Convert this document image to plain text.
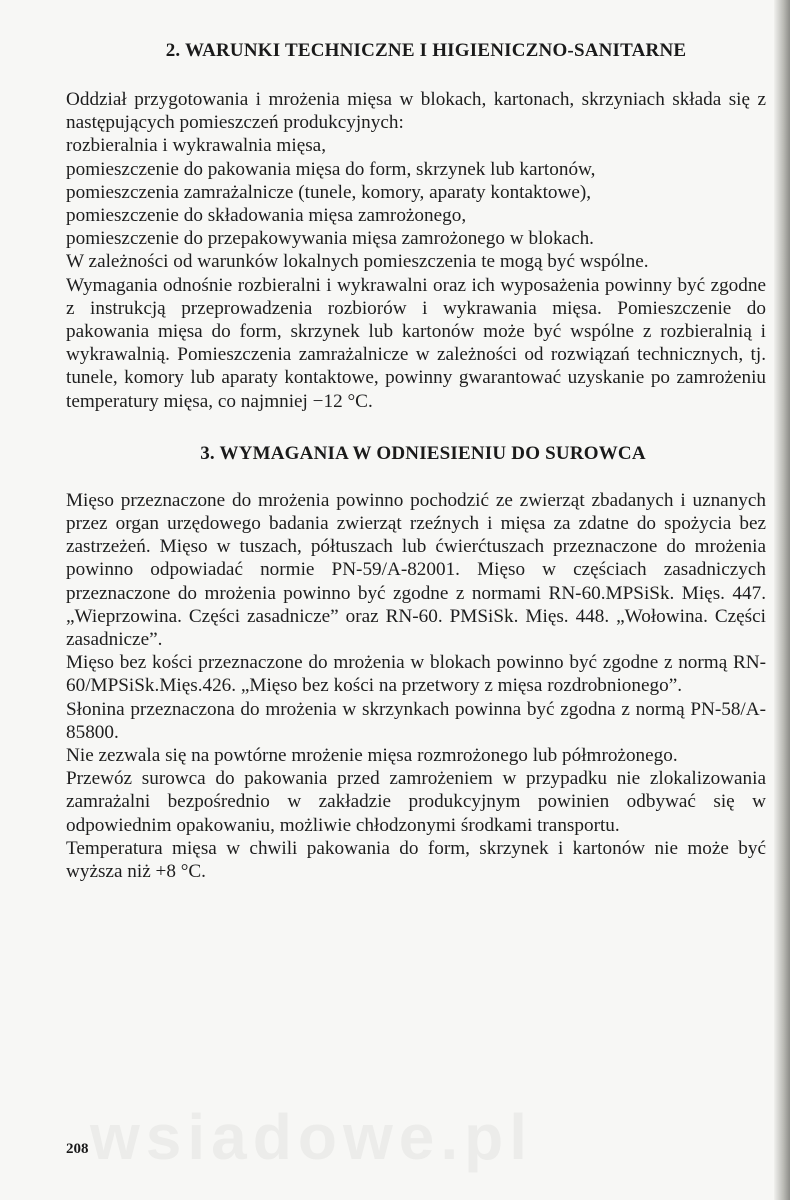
2. WARUNKI TECHNICZNE I HIGIENICZNO-SANITARNE

Oddział przygotowania i mrożenia mięsa w blokach, kartonach, skrzyniach składa się z następujących pomieszczeń produkcyjnych:

rozbieralnia i wykrawalnia mięsa,

pomieszczenie do pakowania mięsa do form, skrzynek lub kartonów,

pomieszczenia zamrażalnicze (tunele, komory, aparaty kontaktowe),

pomieszczenie do składowania mięsa zamrożonego,

pomieszczenie do przepakowywania mięsa zamrożonego w blokach.

W zależności od warunków lokalnych pomieszczenia te mogą być wspólne.

Wymagania odnośnie rozbieralni i wykrawalni oraz ich wyposażenia powinny być zgodne z instrukcją przeprowadzenia rozbiorów i wykrawania mięsa. Pomieszczenie do pakowania mięsa do form, skrzynek lub kartonów może być wspólne z rozbieralnią i wykrawalnią. Pomieszczenia zamrażalnicze w zależności od rozwiązań technicznych, tj. tunele, komory lub aparaty kontaktowe, powinny gwarantować uzyskanie po zamrożeniu temperatury mięsa, co najmniej −12 °C.

3. WYMAGANIA W ODNIESIENIU DO SUROWCA

Mięso przeznaczone do mrożenia powinno pochodzić ze zwierząt zbadanych i uznanych przez organ urzędowego badania zwierząt rzeźnych i mięsa za zdatne do spożycia bez zastrzeżeń. Mięso w tuszach, półtuszach lub ćwierćtuszach przeznaczone do mrożenia powinno odpowiadać normie PN-59/A-82001. Mięso w częściach zasadniczych przeznaczone do mrożenia powinno być zgodne z normami RN-60.MPSiSk. Mięs. 447. „Wieprzowina. Części zasadnicze” oraz RN-60. PMSiSk. Mięs. 448. „Wołowina. Części zasadnicze”.

Mięso bez kości przeznaczone do mrożenia w blokach powinno być zgodne z normą RN-60/MPSiSk.Mięs.426. „Mięso bez kości na przetwory z mięsa rozdrobnionego”.

Słonina przeznaczona do mrożenia w skrzynkach powinna być zgodna z normą PN-58/A-85800.

Nie zezwala się na powtórne mrożenie mięsa rozmrożonego lub półmrożonego.

Przewóz surowca do pakowania przed zamrożeniem w przypadku nie zlokalizowania zamrażalni bezpośrednio w zakładzie produkcyjnym powinien odbywać się w odpowiednim opakowaniu, możliwie chłodzonymi środkami transportu.

Temperatura mięsa w chwili pakowania do form, skrzynek i kartonów nie może być wyższa niż +8 °C.

wsiadowe.pl
208
